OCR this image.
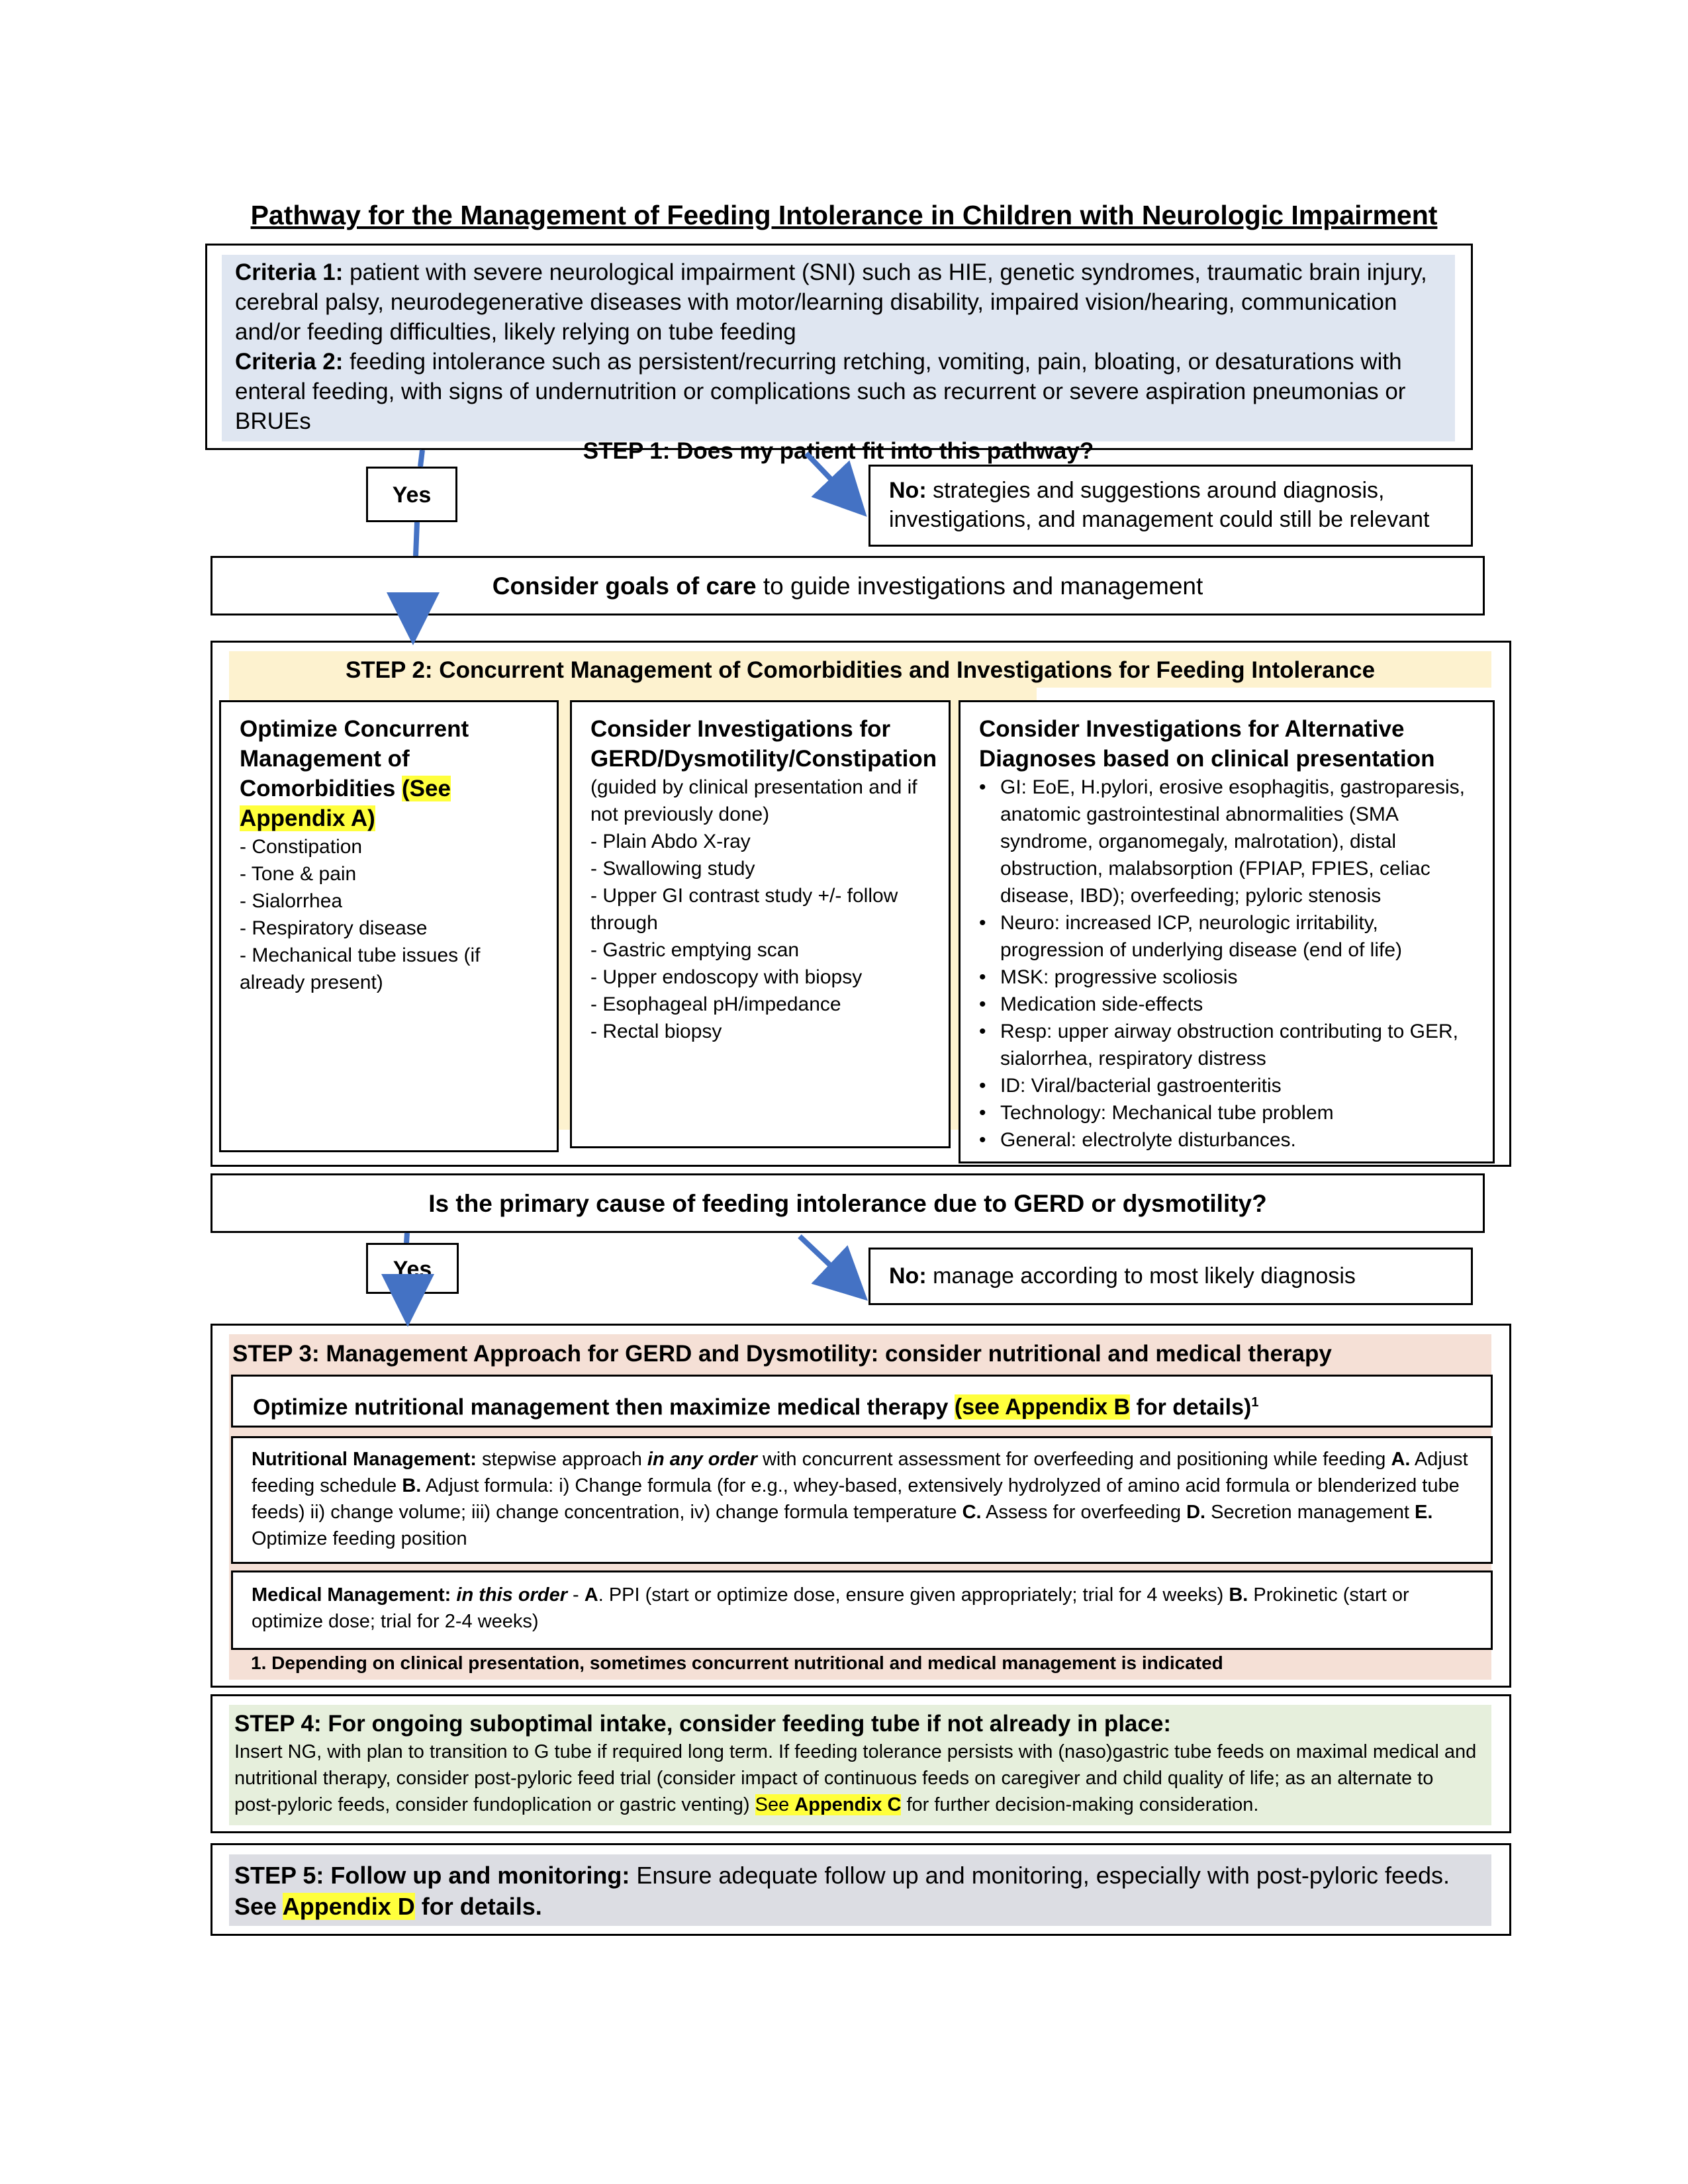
Pathway for the Management of Feeding Intolerance in Children with Neurologic Impairment
Criteria 1: patient with severe neurological impairment (SNI) such as HIE, genetic syndromes, traumatic brain injury, cerebral palsy, neurodegenerative diseases with motor/learning disability, impaired vision/hearing, communication and/or feeding difficulties, likely relying on tube feeding
Criteria 2: feeding intolerance such as persistent/recurring retching, vomiting, pain, bloating, or desaturations with enteral feeding, with signs of undernutrition or complications such as recurrent or severe aspiration pneumonias or BRUEs
STEP 1: Does my patient fit into this pathway?
Yes	No: strategies and suggestions around diagnosis, investigations, and management could still be relevant
Consider goals of care to guide investigations and management
STEP 2: Concurrent Management of Comorbidities and Investigations for Feeding Intolerance
Optimize Concurrent Management of Comorbidities (See Appendix A)
- Constipation
- Tone & pain
- Sialorrhea
- Respiratory disease
- Mechanical tube issues (if already present)
Consider Investigations for GERD/Dysmotility/Constipation
(guided by clinical presentation and if not previously done)
- Plain Abdo X-ray
- Swallowing study
- Upper GI contrast study +/- follow through
- Gastric emptying scan
- Upper endoscopy with biopsy
- Esophageal pH/impedance
- Rectal biopsy
Consider Investigations for Alternative Diagnoses based on clinical presentation
• GI: EoE, H.pylori, erosive esophagitis, gastroparesis, anatomic gastrointestinal abnormalities (SMA syndrome, organomegaly, malrotation), distal obstruction, malabsorption (FPIAP, FPIES, celiac disease, IBD); overfeeding; pyloric stenosis
• Neuro: increased ICP, neurologic irritability, progression of underlying disease (end of life)
• MSK: progressive scoliosis
• Medication side-effects
• Resp: upper airway obstruction contributing to GER, sialorrhea, respiratory distress
• ID: Viral/bacterial gastroenteritis
• Technology: Mechanical tube problem
• General: electrolyte disturbances.
Is the primary cause of feeding intolerance due to GERD or dysmotility?
Yes	No: manage according to most likely diagnosis
STEP 3: Management Approach for GERD and Dysmotility: consider nutritional and medical therapy
Optimize nutritional management then maximize medical therapy (see Appendix B for details)$^1$
Nutritional Management: stepwise approach in any order with concurrent assessment for overfeeding and positioning while feeding A. Adjust feeding schedule B. Adjust formula: i) Change formula (for e.g., whey-based, extensively hydrolyzed of amino acid formula or blenderized tube feeds) ii) change volume; iii) change concentration, iv) change formula temperature C. Assess for overfeeding D. Secretion management E. Optimize feeding position
Medical Management: in this order - A. PPI (start or optimize dose, ensure given appropriately; trial for 4 weeks) B. Prokinetic (start or optimize dose; trial for 2-4 weeks)
1. Depending on clinical presentation, sometimes concurrent nutritional and medical management is indicated
STEP 4: For ongoing suboptimal intake, consider feeding tube if not already in place:
Insert NG, with plan to transition to G tube if required long term. If feeding tolerance persists with (naso)gastric tube feeds on maximal medical and nutritional therapy, consider post-pyloric feed trial (consider impact of continuous feeds on caregiver and child quality of life; as an alternate to post-pyloric feeds, consider fundoplication or gastric venting) See Appendix C for further decision-making consideration.
STEP 5: Follow up and monitoring: Ensure adequate follow up and monitoring, especially with post-pyloric feeds. See Appendix D for details.
